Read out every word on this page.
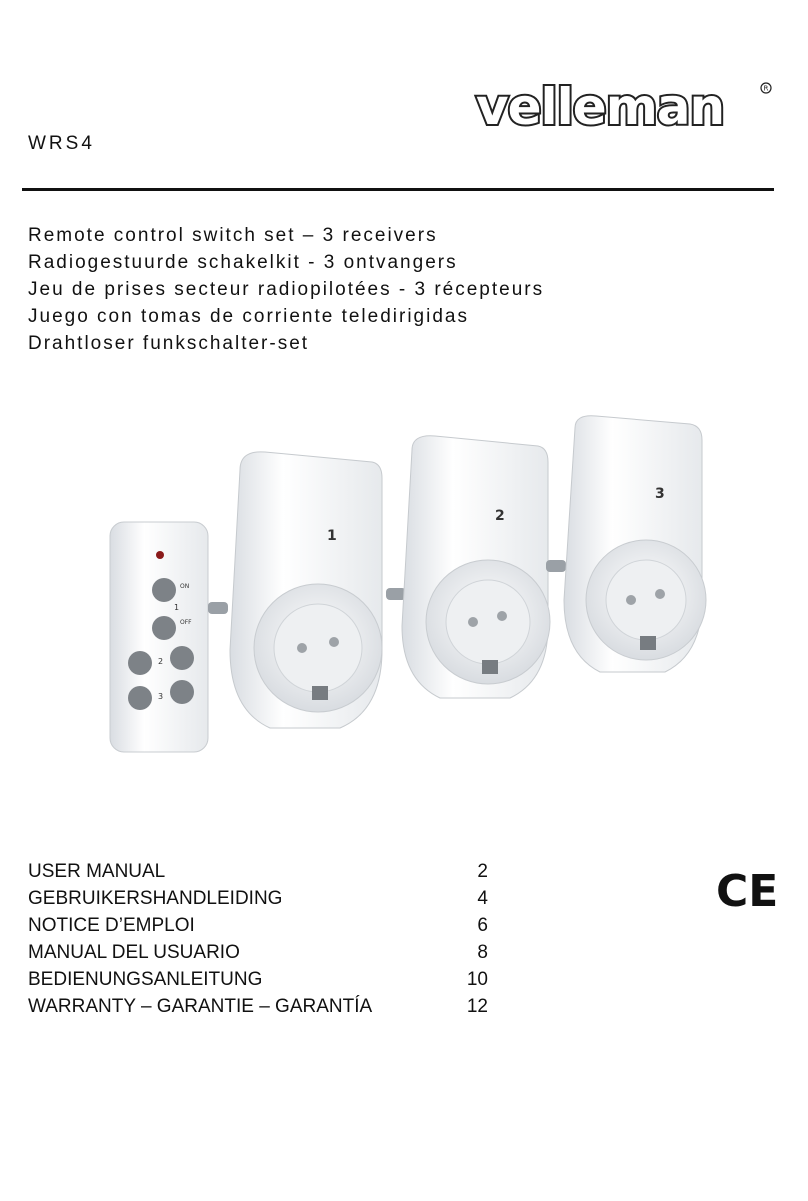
velleman	R
WRS4
Remote control switch set – 3 receivers
Radiogestuurde schakelkit - 3 ontvangers
Jeu de prises secteur radiopilotées - 3 récepteurs
Juego con tomas de corriente teledirigidas
Drahtloser funkschalter-set
ON
OFF
1
2
3
1
2
3
USER MANUAL	2
GEBRUIKERSHANDLEIDING	4
NOTICE D’EMPLOI	6
MANUAL DEL USUARIO	8
BEDIENUNGSANLEITUNG	10
WARRANTY – GARANTIE – GARANTÍA	12
CE
